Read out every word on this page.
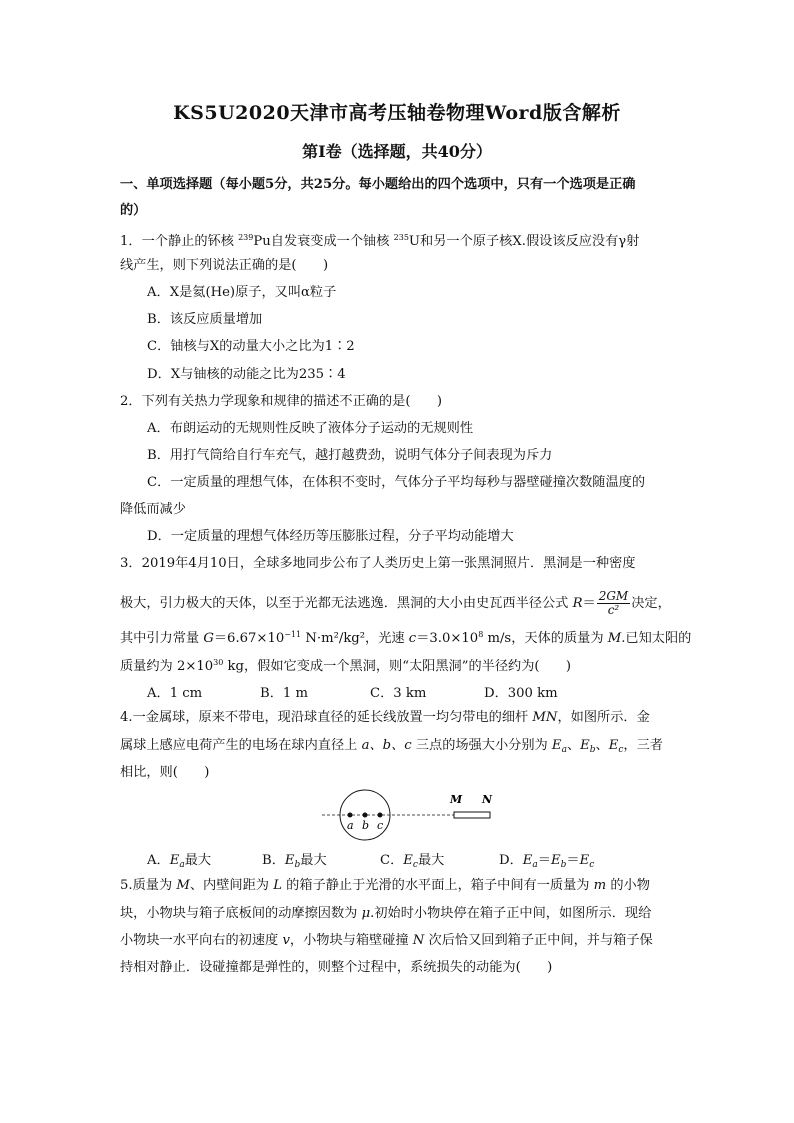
KS5U2020天津市高考压轴卷物理Word版含解析
第Ⅰ卷（选择题，共40分）
一、单项选择题（每小题5分，共25分。每小题给出的四个选项中，只有一个选项是正确
的）
1．一个静止的钚核 $^{239}$Pu自发衰变成一个铀核 $^{235}$U和另一个原子核X.假设该反应没有γ射
线产生，则下列说法正确的是(　　)
A．X是氦(He)原子，又叫α粒子
B．该反应质量增加
C．铀核与X的动量大小之比为1∶2
D．X与铀核的动能之比为235∶4
2．下列有关热力学现象和规律的描述不正确的是(　　)
A．布朗运动的无规则性反映了液体分子运动的无规则性
B．用打气筒给自行车充气，越打越费劲，说明气体分子间表现为斥力
C．一定质量的理想气体，在体积不变时，气体分子平均每秒与器壁碰撞次数随温度的
降低而减少
D．一定质量的理想气体经历等压膨胀过程，分子平均动能增大
3．2019年4月10日，全球多地同步公布了人类历史上第一张黑洞照片．黑洞是一种密度
极大，引力极大的天体，以至于光都无法逃逸．黑洞的大小由史瓦西半径公式 $R= \frac{2GM}{\text{c²}}$ 决定，
其中引力常量 $G=6.67\times 10^{-11}$ N·m²/kg²，光速 $c=3.0\times 10^8$ m/s，天体的质量为 M.已知太阳的
质量约为 $2\times 10^{30}$ kg，假如它变成一个黑洞，则“太阳黑洞”的半径约为(　　)
A．1 cm	B．1 m	C．3 km	D．300 km
4.一金属球，原来不带电，现沿球直径的延长线放置一均匀带电的细杆 MN，如图所示．金
属球上感应电荷产生的电场在球内直径上 a、b、c 三点的场强大小分别为 $E_a$、$E_b$、$E_c$，三者
相比，则(　　)
a b c
M N
A．$E_a$最大	B．$E_b$最大	C．$E_c$最大	D．$E_a=E_b=E_c$
5.质量为 M、内壁间距为 L 的箱子静止于光滑的水平面上，箱子中间有一质量为 m 的小物
块，小物块与箱子底板间的动摩擦因数为 μ.初始时小物块停在箱子正中间，如图所示．现给
小物块一水平向右的初速度 v，小物块与箱壁碰撞 N 次后恰又回到箱子正中间，并与箱子保
持相对静止．设碰撞都是弹性的，则整个过程中，系统损失的动能为(　　)
